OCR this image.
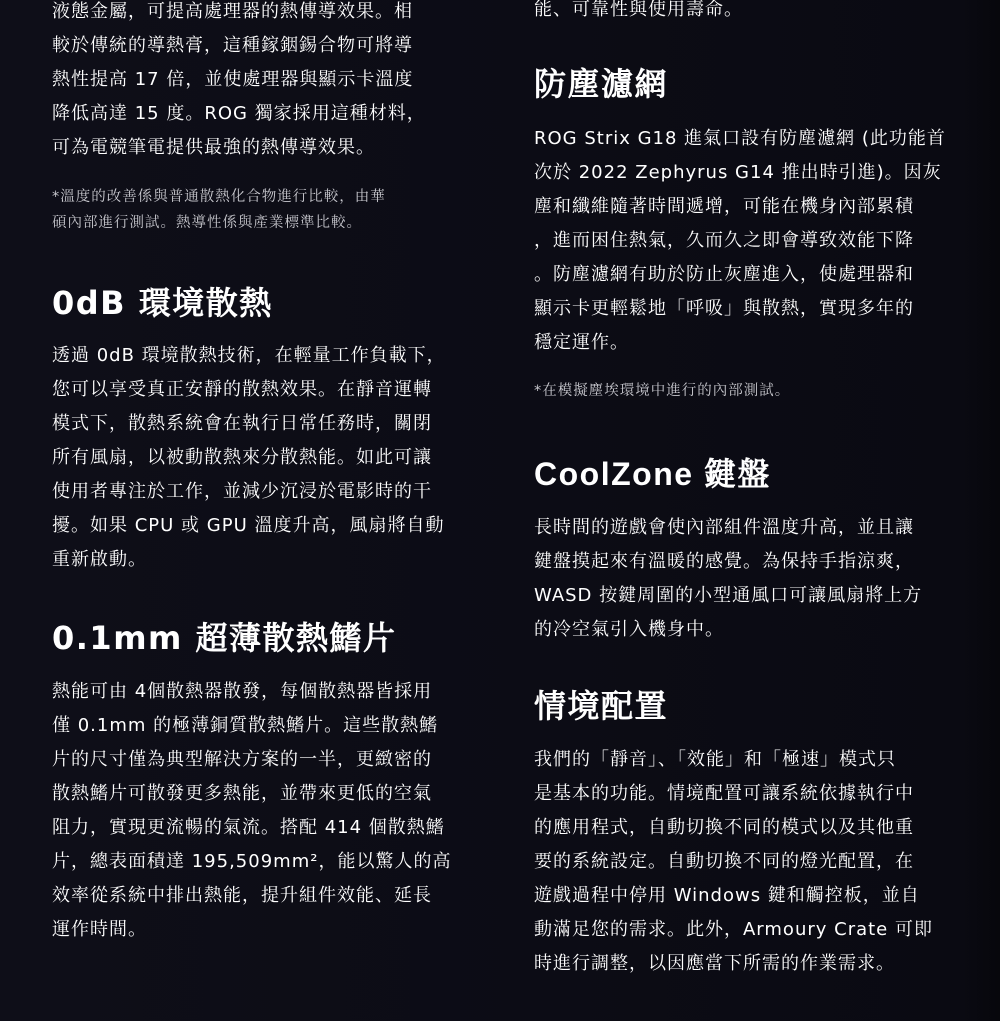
液態金屬，可提高處理器的熱傳導效果。相
較於傳統的導熱膏，這種鎵銦錫合物可將導
熱性提高 17 倍，並使處理器與顯示卡溫度
降低高達 15 度。ROG 獨家採用這種材料，
可為電競筆電提供最強的熱傳導效果。

*溫度的改善係與普通散熱化合物進行比較，由華
碩內部進行測試。熱導性係與產業標準比較。

0dB 環境散熱

透過 0dB 環境散熱技術，在輕量工作負載下，
您可以享受真正安靜的散熱效果。在靜音運轉
模式下，散熱系統會在執行日常任務時，關閉
所有風扇，以被動散熱來分散熱能。如此可讓
使用者專注於工作，並減少沉浸於電影時的干
擾。如果 CPU 或 GPU 溫度升高，風扇將自動
重新啟動。

0.1mm 超薄散熱鰭片

熱能可由 4個散熱器散發，每個散熱器皆採用
僅 0.1mm 的極薄銅質散熱鰭片。這些散熱鰭
片的尺寸僅為典型解決方案的一半，更緻密的
散熱鰭片可散發更多熱能，並帶來更低的空氣
阻力，實現更流暢的氣流。搭配 414 個散熱鰭
片，總表面積達 195,509mm²，能以驚人的高
效率從系統中排出熱能，提升組件效能、延長
運作時間。

能、可靠性與使用壽命。

防塵濾網

ROG Strix G18 進氣口設有防塵濾網 (此功能首
次於 2022 Zephyrus G14 推出時引進)。因灰
塵和纖維隨著時間遞增，可能在機身內部累積
，進而困住熱氣，久而久之即會導致效能下降
。防塵濾網有助於防止灰塵進入，使處理器和
顯示卡更輕鬆地「呼吸」與散熱，實現多年的
穩定運作。

*在模擬塵埃環境中進行的內部測試。

CoolZone 鍵盤

長時間的遊戲會使內部組件溫度升高，並且讓
鍵盤摸起來有溫暖的感覺。為保持手指涼爽，
WASD 按鍵周圍的小型通風口可讓風扇將上方
的冷空氣引入機身中。

情境配置

我們的「靜音」、「效能」和「極速」模式只
是基本的功能。情境配置可讓系統依據執行中
的應用程式，自動切換不同的模式以及其他重
要的系統設定。自動切換不同的燈光配置，在
遊戲過程中停用 Windows 鍵和觸控板，並自
動滿足您的需求。此外，Armoury Crate 可即
時進行調整，以因應當下所需的作業需求。
